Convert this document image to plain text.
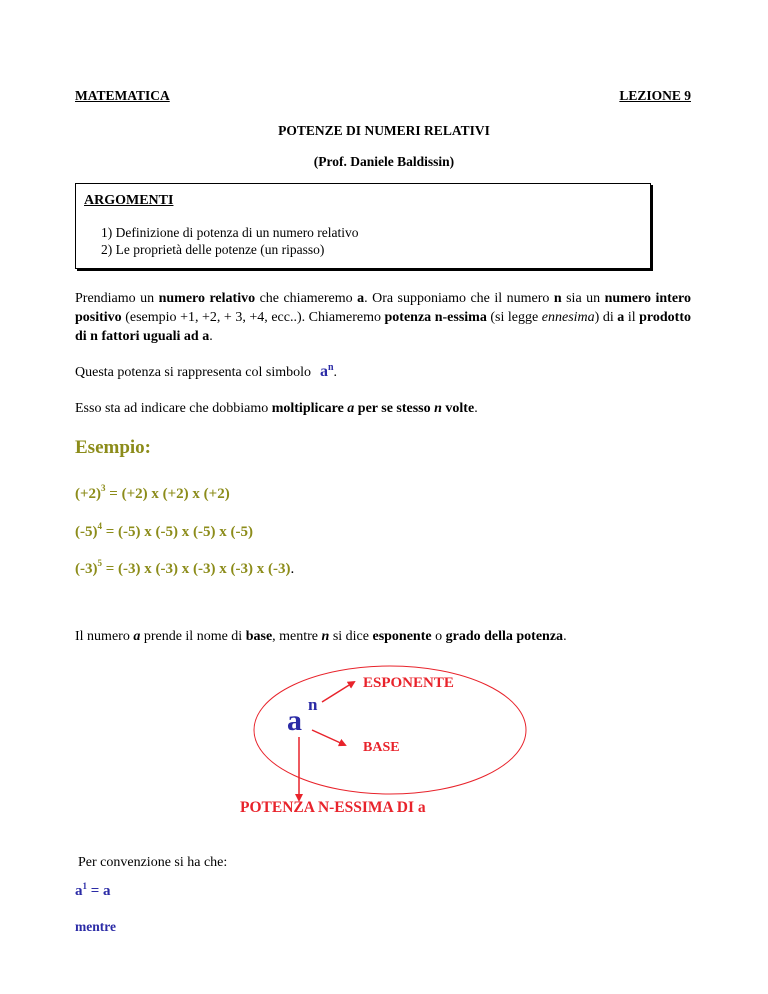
MATEMATICA	LEZIONE 9
POTENZE DI NUMERI RELATIVI
(Prof. Daniele Baldissin)
ARGOMENTI
1) Definizione di potenza di un numero relativo
2) Le proprietà delle potenze (un ripasso)
Prendiamo un numero relativo che chiameremo a. Ora supponiamo che il numero n sia un numero intero positivo (esempio +1, +2, + 3, +4, ecc..). Chiameremo potenza n-essima (si legge ennesima) di a il prodotto di n fattori uguali ad a.
Questa potenza si rappresenta col simbolo $a^n$.
Esso sta ad indicare che dobbiamo moltiplicare a per se stesso n volte.
Esempio:
$(+2)^3 = (+2)$ x (+2) x (+2)
$(-5)^4 = (-5)$ x (-5) x (-5) x (-5)
$(-3)^5 = (-3)$ x (-3) x (-3) x (-3) x (-3).
Il numero a prende il nome di base, mentre n si dice esponente o grado della potenza.
a n
ESPONENTE
BASE
POTENZA N-ESSIMA DI a
Per convenzione si ha che:
$a^1 = a$
mentre
